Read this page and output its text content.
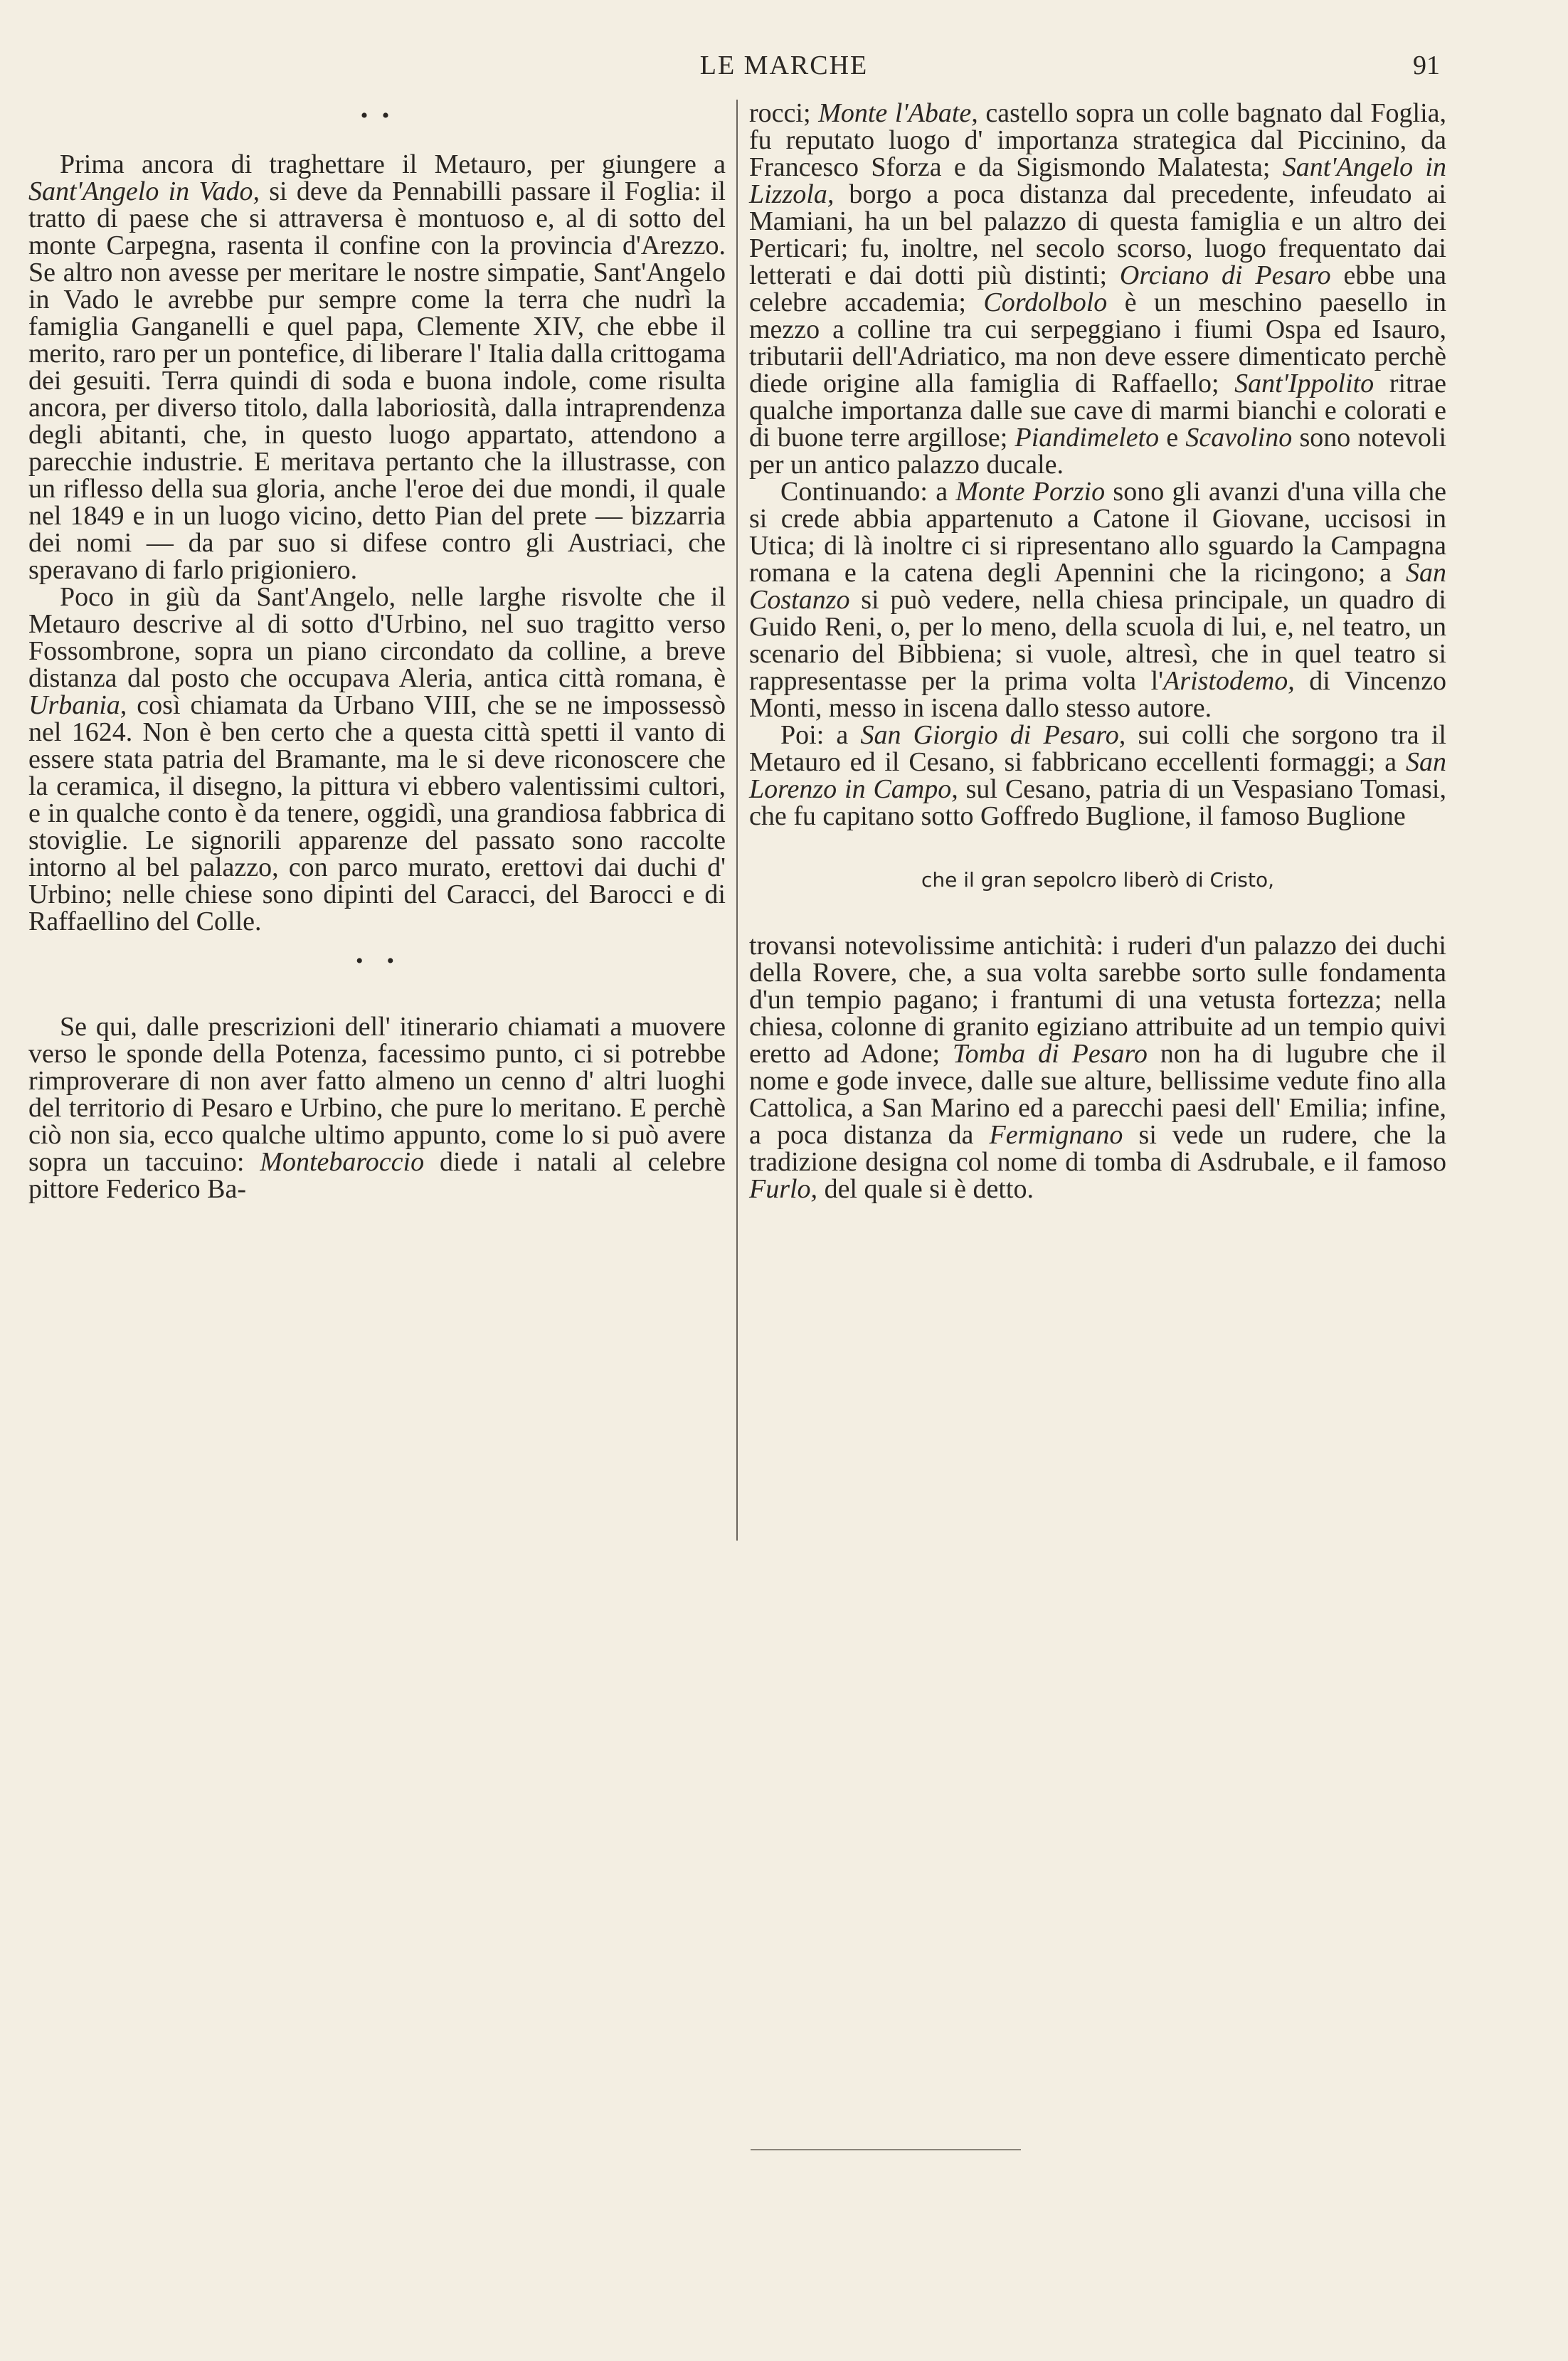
LE MARCHE	91
• •

Prima ancora di traghettare il Metauro, per giungere a Sant'Angelo in Vado, si deve da Pennabilli passare il Foglia: il tratto di paese che si attraversa è montuoso e, al di sotto del monte Carpegna, rasenta il confine con la provincia d'Arezzo. Se altro non avesse per meritare le nostre simpatie, Sant'Angelo in Vado le avrebbe pur sempre come la terra che nudrì la famiglia Ganganelli e quel papa, Clemente XIV, che ebbe il merito, raro per un pontefice, di liberare l' Italia dalla crittogama dei gesuiti. Terra quindi di soda e buona indole, come risulta ancora, per diverso titolo, dalla laboriosità, dalla intraprendenza degli abitanti, che, in questo luogo appartato, attendono a parecchie industrie. E meritava pertanto che la illustrasse, con un riflesso della sua gloria, anche l'eroe dei due mondi, il quale nel 1849 e in un luogo vicino, detto Pian del prete — bizzarria dei nomi — da par suo si difese contro gli Austriaci, che speravano di farlo prigioniero.

Poco in giù da Sant'Angelo, nelle larghe risvolte che il Metauro descrive al di sotto d'Urbino, nel suo tragitto verso Fossombrone, sopra un piano circondato da colline, a breve distanza dal posto che occupava Aleria, antica città romana, è Urbania, così chiamata da Urbano VIII, che se ne impossessò nel 1624. Non è ben certo che a questa città spetti il vanto di essere stata patria del Bramante, ma le si deve riconoscere che la ceramica, il disegno, la pittura vi ebbero valentissimi cultori, e in qualche conto è da tenere, oggidì, una grandiosa fabbrica di stoviglie. Le signorili apparenze del passato sono raccolte intorno al bel palazzo, con parco murato, erettovi dai duchi d' Urbino; nelle chiese sono dipinti del Caracci, del Barocci e di Raffaellino del Colle.

•  •

Se qui, dalle prescrizioni dell' itinerario chiamati a muovere verso le sponde della Potenza, facessimo punto, ci si potrebbe rimproverare di non aver fatto almeno un cenno d' altri luoghi del territorio di Pesaro e Urbino, che pure lo meritano. E perchè ciò non sia, ecco qualche ultimo appunto, come lo si può avere sopra un taccuino: Montebaroccio diede i natali al celebre pittore Federico Ba-

rocci; Monte l'Abate, castello sopra un colle bagnato dal Foglia, fu reputato luogo d' importanza strategica dal Piccinino, da Francesco Sforza e da Sigismondo Malatesta; Sant'Angelo in Lizzola, borgo a poca distanza dal precedente, infeudato ai Mamiani, ha un bel palazzo di questa famiglia e un altro dei Perticari; fu, inoltre, nel secolo scorso, luogo frequentato dai letterati e dai dotti più distinti; Orciano di Pesaro ebbe una celebre accademia; Cordolbolo è un meschino paesello in mezzo a colline tra cui serpeggiano i fiumi Ospa ed Isauro, tributarii dell'Adriatico, ma non deve essere dimenticato perchè diede origine alla famiglia di Raffaello; Sant'Ippolito ritrae qualche importanza dalle sue cave di marmi bianchi e colorati e di buone terre argillose; Piandimeleto e Scavolino sono notevoli per un antico palazzo ducale.

Continuando: a Monte Porzio sono gli avanzi d'una villa che si crede abbia appartenuto a Catone il Giovane, uccisosi in Utica; di là inoltre ci si ripresentano allo sguardo la Campagna romana e la catena degli Apennini che la ricingono; a San Costanzo si può vedere, nella chiesa principale, un quadro di Guido Reni, o, per lo meno, della scuola di lui, e, nel teatro, un scenario del Bibbiena; si vuole, altresì, che in quel teatro si rappresentasse per la prima volta l'Aristodemo, di Vincenzo Monti, messo in iscena dallo stesso autore.

Poi: a San Giorgio di Pesaro, sui colli che sorgono tra il Metauro ed il Cesano, si fabbricano eccellenti formaggi; a San Lorenzo in Campo, sul Cesano, patria di un Vespasiano Tomasi, che fu capitano sotto Goffredo Buglione, il famoso Buglione

che il gran sepolcro liberò di Cristo,

trovansi notevolissime antichità: i ruderi d'un palazzo dei duchi della Rovere, che, a sua volta sarebbe sorto sulle fondamenta d'un tempio pagano; i frantumi di una vetusta fortezza; nella chiesa, colonne di granito egiziano attribuite ad un tempio quivi eretto ad Adone; Tomba di Pesaro non ha di lugubre che il nome e gode invece, dalle sue alture, bellissime vedute fino alla Cattolica, a San Marino ed a parecchi paesi dell' Emilia; infine, a poca distanza da Fermignano si vede un rudere, che la tradizione designa col nome di tomba di Asdrubale, e il famoso Furlo, del quale si è detto.
